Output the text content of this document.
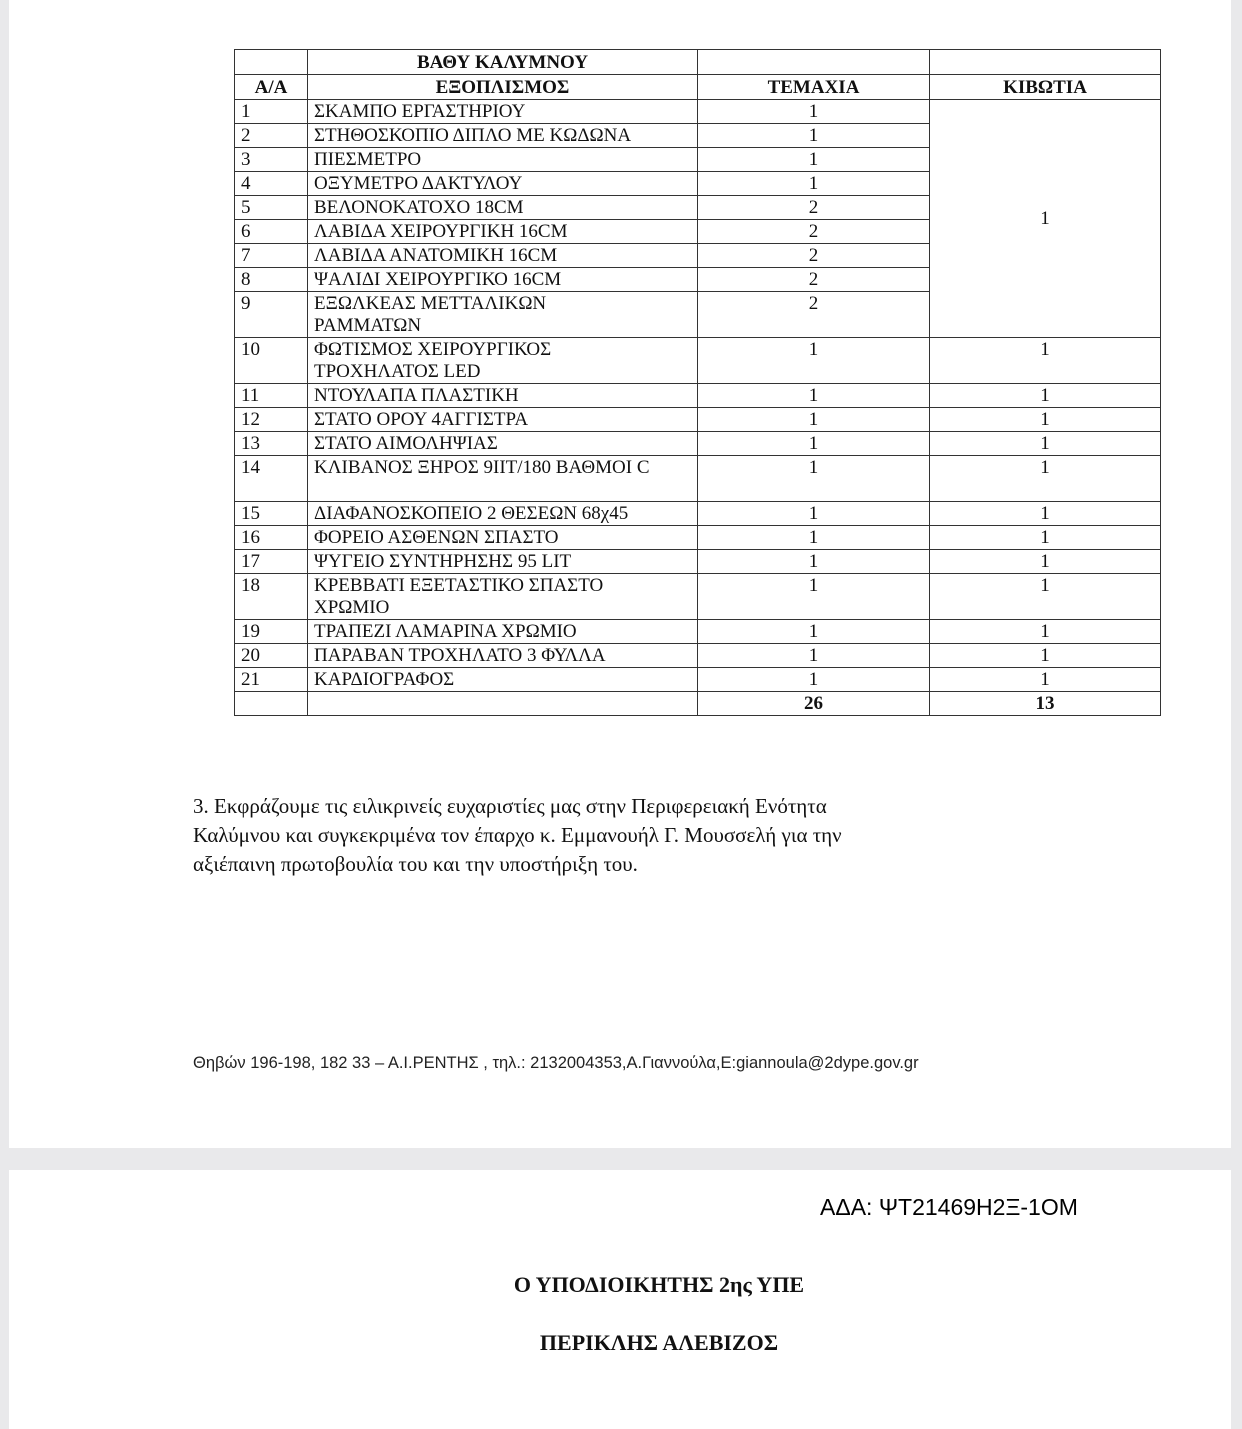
	ΒΑΘΥ ΚΑΛΥΜΝΟΥ		
Α/Α	ΕΞΟΠΛΙΣΜΟΣ	ΤΕΜΑΧΙΑ	ΚΙΒΩΤΙΑ
1	ΣΚΑΜΠΟ ΕΡΓΑΣΤΗΡΙΟΥ	1	1
2	ΣΤΗΘΟΣΚΟΠΙΟ ΔΙΠΛΟ ΜΕ ΚΩΔΩΝΑ	1	
3	ΠΙΕΣΜΕΤΡΟ	1	
4	ΟΞΥΜΕΤΡΟ ΔΑΚΤΥΛΟΥ	1	
5	ΒΕΛΟΝΟΚΑΤΟΧΟ 18CM	2	
6	ΛΑΒΙΔΑ ΧΕΙΡΟΥΡΓΙΚΗ 16CM	2	
7	ΛΑΒΙΔΑ ΑΝΑΤΟΜΙΚΗ 16CM	2	
8	ΨΑΛΙΔΙ ΧΕΙΡΟΥΡΓΙΚΟ 16CM	2	
9	ΕΞΩΛΚΕΑΣ ΜΕΤΤΑΛΙΚΩΝ
ΡΑΜΜΑΤΩΝ	2	
10	ΦΩΤΙΣΜΟΣ ΧΕΙΡΟΥΡΓΙΚΟΣ
ΤΡΟΧΗΛΑΤΟΣ LED	1	1
11	ΝΤΟΥΛΑΠΑ ΠΛΑΣΤΙΚΗ	1	1
12	ΣΤΑΤΟ ΟΡΟΥ 4ΑΓΓΙΣΤΡΑ	1	1
13	ΣΤΑΤΟ ΑΙΜΟΛΗΨΙΑΣ	1	1
14	ΚΛΙΒΑΝΟΣ ΞΗΡΟΣ 9ΙΙΤ/180 ΒΑΘΜΟΙ C	1	1
15	ΔΙΑΦΑΝΟΣΚΟΠΕΙΟ 2 ΘΕΣΕΩΝ 68χ45	1	1
16	ΦΟΡΕΙΟ ΑΣΘΕΝΩΝ ΣΠΑΣΤΟ	1	1
17	ΨΥΓΕΙΟ ΣΥΝΤΗΡΗΣΗΣ 95 LIT	1	1
18	ΚΡΕΒΒΑΤΙ ΕΞΕΤΑΣΤΙΚΟ ΣΠΑΣΤΟ
ΧΡΩΜΙΟ	1	1
19	ΤΡΑΠΕΖΙ ΛΑΜΑΡΙΝΑ ΧΡΩΜΙΟ	1	1
20	ΠΑΡΑΒΑΝ ΤΡΟΧΗΛΑΤΟ 3 ΦΥΛΛΑ	1	1
21	ΚΑΡΔΙΟΓΡΑΦΟΣ	1	1
		26	13
3. Εκφράζουμε τις ειλικρινείς ευχαριστίες μας στην Περιφερειακή Ενότητα
Καλύμνου και συγκεκριμένα τον έπαρχο κ. Εμμανουήλ Γ. Μουσσελή για την
αξιέπαινη πρωτοβουλία του και την υποστήριξη του.
Θηβών 196-198, 182 33 – Α.Ι.ΡΕΝΤΗΣ , τηλ.: 2132004353,Α.Γιαννούλα,Ε:giannoula@2dype.gov.gr
ΑΔΑ: ΨΤ21469Η2Ξ-1ΟΜ
Ο ΥΠΟΔΙΟΙΚΗΤΗΣ 2ης ΥΠΕ
ΠΕΡΙΚΛΗΣ ΑΛΕΒΙΖΟΣ
